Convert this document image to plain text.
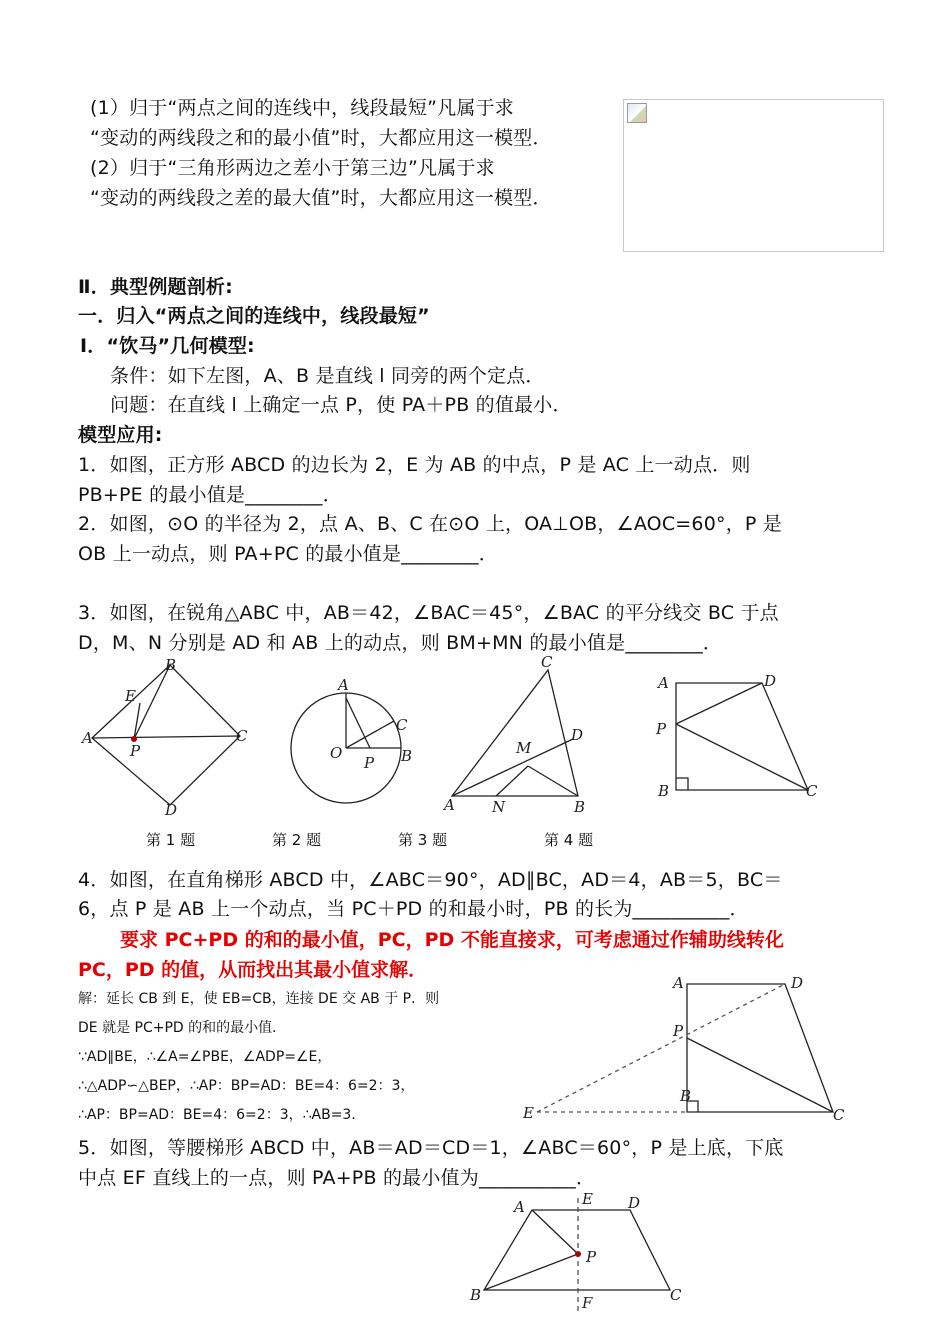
(1）归于“两点之间的连线中，线段最短”凡属于求
“变动的两线段之和的最小值”时，大都应用这一模型．
(2）归于“三角形两边之差小于第三边”凡属于求
“变动的两线段之差的最大值”时，大都应用这一模型．
Ⅱ．典型例题剖析:
一．归入“两点之间的连线中，线段最短”
Ⅰ．“饮马”几何模型:
条件：如下左图，A、B 是直线 l 同旁的两个定点．
问题：在直线 l 上确定一点 P，使 PA＋PB 的值最小．
模型应用:
1．如图，正方形 ABCD 的边长为 2，E 为 AB 的中点，P 是 AC 上一动点．则
PB+PE 的最小值是________．
2．如图，⊙O 的半径为 2，点 A、B、C 在⊙O 上，OA⊥OB，∠AOC=60°，P 是
OB 上一动点，则 PA+PC 的最小值是________．
3．如图，在锐角△ABC 中，AB＝42，∠BAC＝45°，∠BAC 的平分线交 BC 于点
D，M、N 分别是 AD 和 AB 上的动点，则 BM+MN 的最小值是________．
A
B
C
D
E
P
A
O
C
P B
C
M
D
A N	B
A	D
P
B	C
第 1 题	第 2 题	第 3 题	第 4 题
4．如图，在直角梯形 ABCD 中，∠ABC＝90°，AD∥BC，AD＝4，AB＝5，BC＝
6，点 P 是 AB 上一个动点，当 PC＋PD 的和最小时，PB 的长为__________．
要求 PC+PD 的和的最小值，PC，PD 不能直接求，可考虑通过作辅助线转化
PC，PD 的值，从而找出其最小值求解．
解：延长 CB 到 E，使 EB=CB，连接 DE 交 AB 于 P．则
DE 就是 PC+PD 的和的最小值．
∵AD∥BE，∴∠A=∠PBE，∠ADP=∠E，
∴△ADP∽△BEP，∴AP：BP=AD：BE=4：6=2：3，
∴AP：BP=AD：BE=4：6=2：3，∴AB=3．
A	D
P
E
B
C
5．如图，等腰梯形 ABCD 中，AB＝AD＝CD＝1，∠ABC＝60°，P 是上底，下底
中点 EF 直线上的一点，则 PA+PB 的最小值为__________．
A	E D
P
B	F	C
